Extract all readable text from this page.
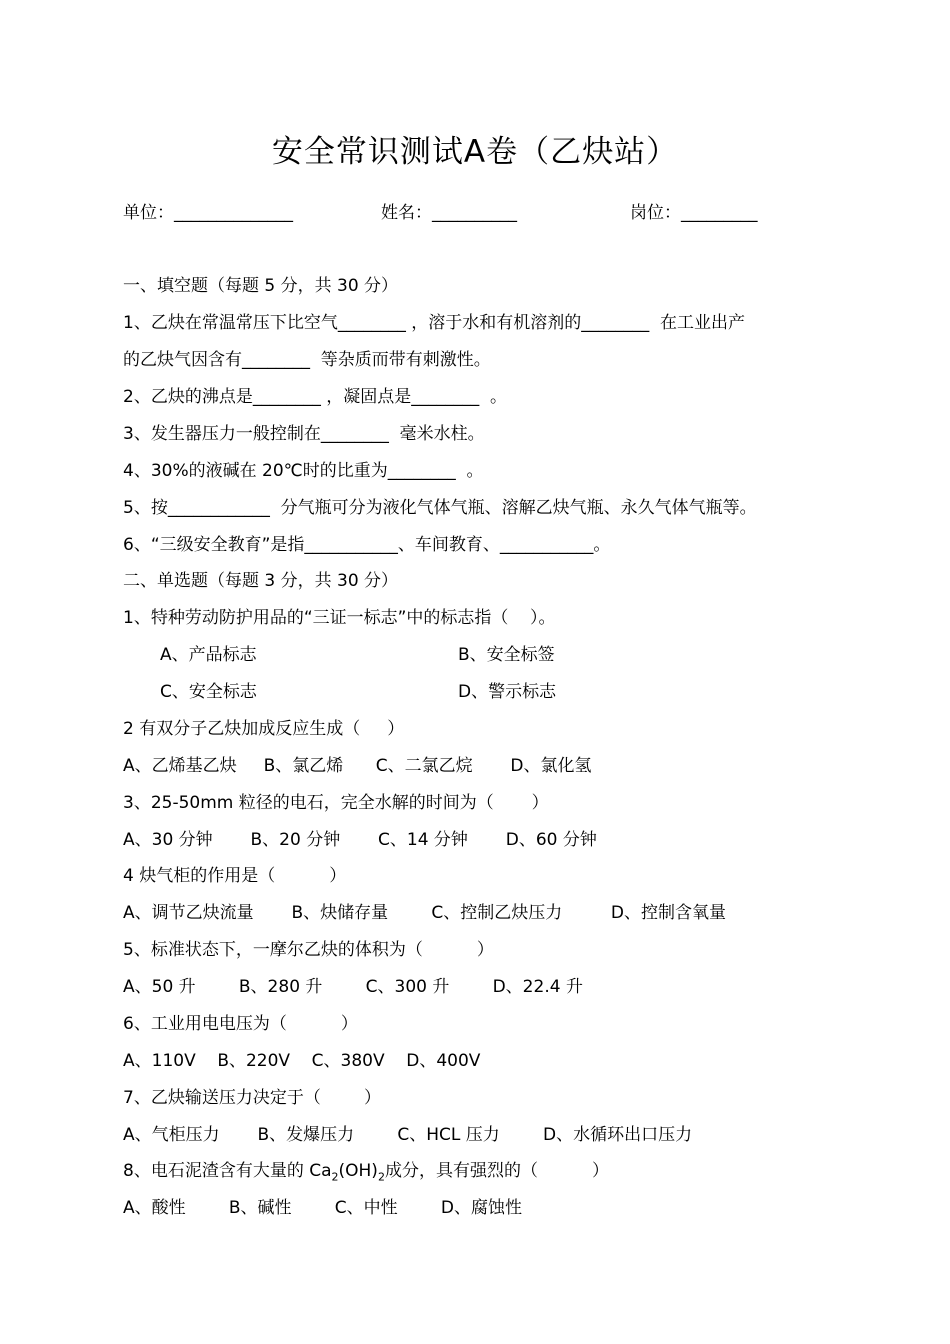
安全常识测试A卷（乙炔站）
单位：______________	姓名：__________	岗位：_________
一、填空题（每题 5 分，共 30 分）
1、乙炔在常温常压下比空气________ ，溶于水和有机溶剂的________  在工业出产
的乙炔气因含有________  等杂质而带有刺激性。
2、乙炔的沸点是________ ，凝固点是________  。
3、发生器压力一般控制在________  毫米水柱。
4、30%的液碱在 20℃时的比重为________  。
5、按____________  分气瓶可分为液化气体气瓶、溶解乙炔气瓶、永久气体气瓶等。
6、“三级安全教育”是指___________、车间教育、___________。
二、单选题（每题 3 分，共 30 分）
1、特种劳动防护用品的“三证一标志”中的标志指（    ）。
A、产品标志	B、安全标签
C、安全标志	D、警示标志
2 有双分子乙炔加成反应生成（     ）
A、乙烯基乙炔     B、氯乙烯      C、二氯乙烷       D、氯化氢
3、25-50mm 粒径的电石，完全水解的时间为（       ）
A、30 分钟       B、20 分钟       C、14 分钟       D、60 分钟
4 炔气柜的作用是（          ）
A、调节乙炔流量       B、炔储存量        C、控制乙炔压力         D、控制含氧量
5、标准状态下，一摩尔乙炔的体积为（          ）
A、50 升        B、280 升        C、300 升        D、22.4 升
6、工业用电电压为（          ）
A、110V    B、220V    C、380V    D、400V
7、乙炔输送压力决定于（        ）
A、气柜压力       B、发爆压力        C、HCL 压力        D、水循环出口压力
8、电石泥渣含有大量的 $Ca_2(OH)_2$成分，具有强烈的（          ）
A、酸性        B、碱性        C、中性        D、腐蚀性
